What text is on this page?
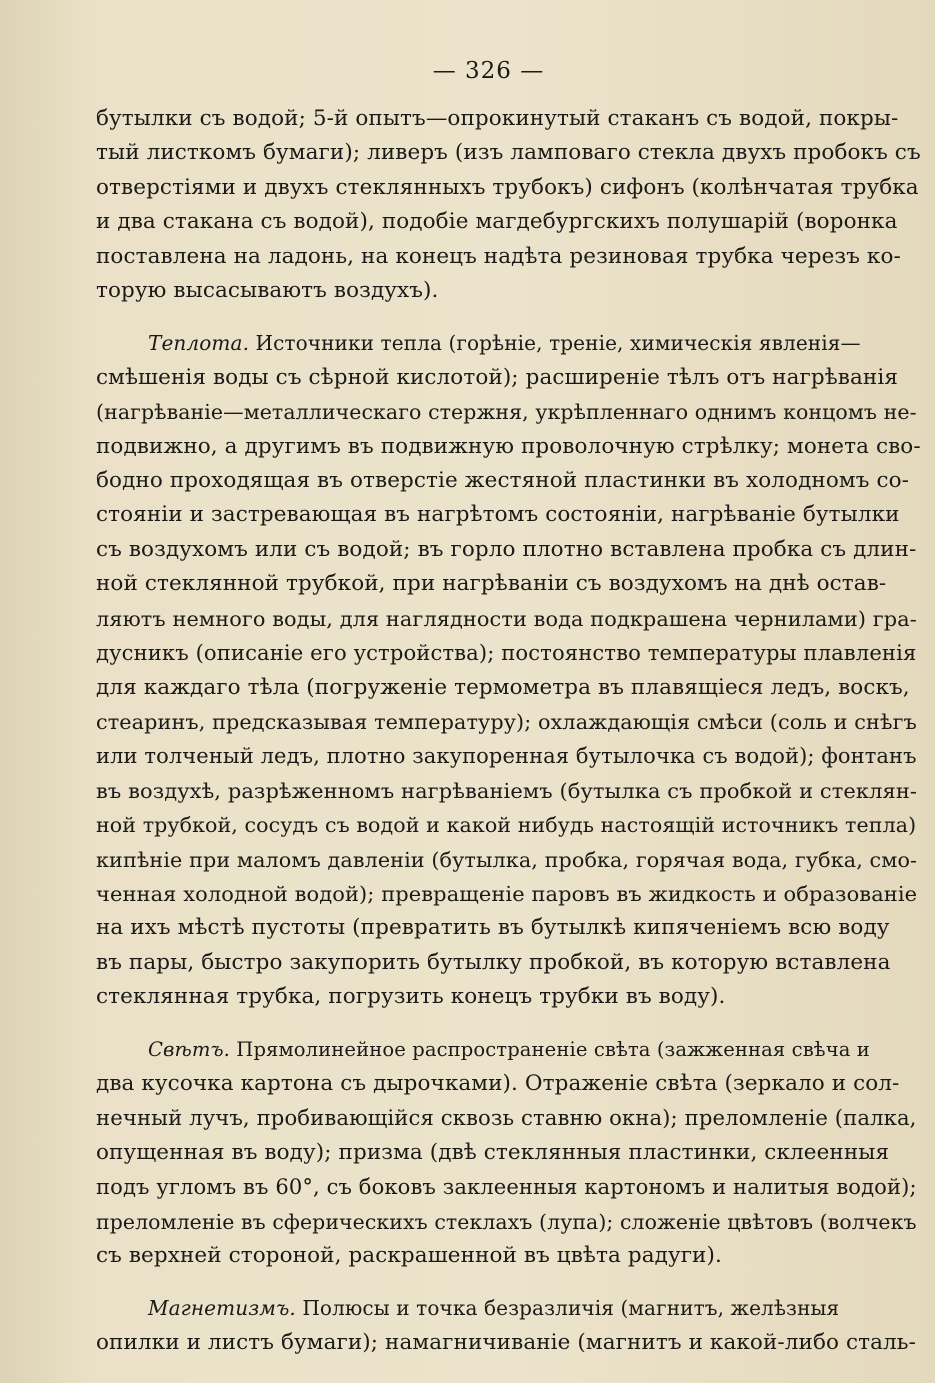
— 326 —

бутылки съ водой; 5-й опытъ—опрокинутый стаканъ съ водой, покры-
тый листкомъ бумаги); ливеръ (изъ ламповаго стекла двухъ пробокъ съ
отверстіями и двухъ стеклянныхъ трубокъ) сифонъ (колѣнчатая трубка
и два стакана съ водой), подобіе магдебургскихъ полушарій (воронка
поставлена на ладонь, на конецъ надѣта резиновая трубка черезъ ко-
торую высасываютъ воздухъ).

Теплота. Источники тепла (горѣніе, треніе, химическія явленія—
смѣшенія воды съ сѣрной кислотой); расширеніе тѣлъ отъ нагрѣванія
(нагрѣваніе—металлическаго стержня, укрѣпленнаго однимъ концомъ не-
подвижно, а другимъ въ подвижную проволочную стрѣлку; монета сво-
бодно проходящая въ отверстіе жестяной пластинки въ холодномъ со-
стояніи и застревающая въ нагрѣтомъ состояніи, нагрѣваніе бутылки
съ воздухомъ или съ водой; въ горло плотно вставлена пробка съ длин-
ной стеклянной трубкой, при нагрѣваніи съ воздухомъ на днѣ остав-
ляютъ немного воды, для наглядности вода подкрашена чернилами) гра-
дусникъ (описаніе его устройства); постоянство температуры плавленія
для каждаго тѣла (погруженіе термометра въ плавящіеся ледъ, воскъ,
стеаринъ, предсказывая температуру); охлаждающія смѣси (соль и снѣгъ
или толченый ледъ, плотно закупоренная бутылочка съ водой); фонтанъ
въ воздухѣ, разрѣженномъ нагрѣваніемъ (бутылка съ пробкой и стеклян-
ной трубкой, сосудъ съ водой и какой нибудь настоящій источникъ тепла)
кипѣніе при маломъ давленіи (бутылка, пробка, горячая вода, губка, смо-
ченная холодной водой); превращеніе паровъ въ жидкость и образованіе
на ихъ мѣстѣ пустоты (превратить въ бутылкѣ кипяченіемъ всю воду
въ пары, быстро закупорить бутылку пробкой, въ которую вставлена
стеклянная трубка, погрузить конецъ трубки въ воду).

Свѣтъ. Прямолинейное распространеніе свѣта (зажженная свѣча и
два кусочка картона съ дырочками). Отраженіе свѣта (зеркало и сол-
нечный лучъ, пробивающійся сквозь ставню окна); преломленіе (палка,
опущенная въ воду); призма (двѣ стеклянныя пластинки, склеенныя
подъ угломъ въ 60°, съ боковъ заклеенныя картономъ и налитыя водой);
преломленіе въ сферическихъ стеклахъ (лупа); сложеніе цвѣтовъ (волчекъ
съ верхней стороной, раскрашенной въ цвѣта радуги).

Магнетизмъ. Полюсы и точка безразличія (магнитъ, желѣзныя
опилки и листъ бумаги); намагничиваніе (магнитъ и какой-либо сталь-
